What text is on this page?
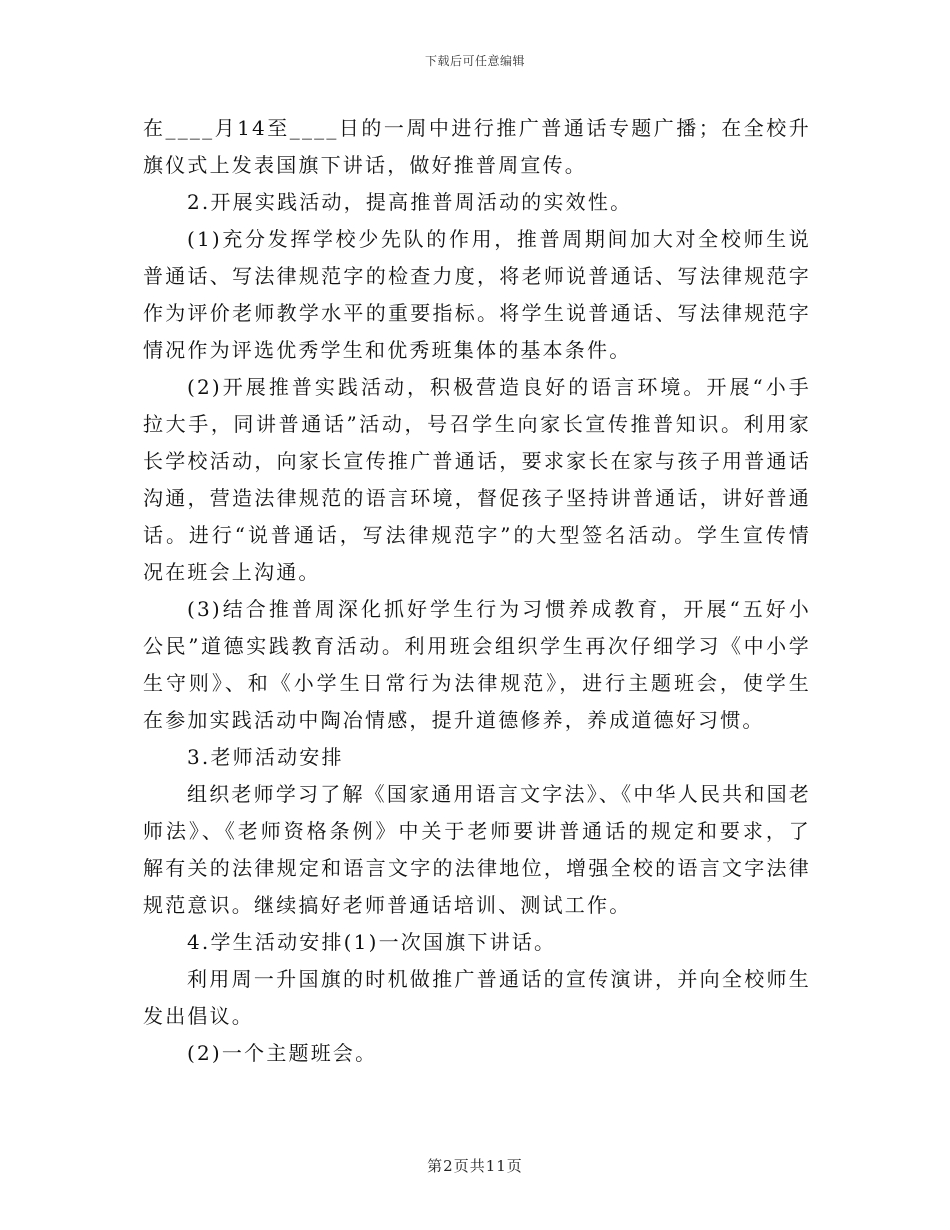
下载后可任意编辑

在____月14至____日的一周中进行推广普通话专题广播；在全校升旗仪式上发表国旗下讲话，做好推普周宣传。

2.开展实践活动，提高推普周活动的实效性。

(1)充分发挥学校少先队的作用，推普周期间加大对全校师生说普通话、写法律规范字的检查力度，将老师说普通话、写法律规范字作为评价老师教学水平的重要指标。将学生说普通话、写法律规范字情况作为评选优秀学生和优秀班集体的基本条件。

(2)开展推普实践活动，积极营造良好的语言环境。开展“小手拉大手，同讲普通话”活动，号召学生向家长宣传推普知识。利用家长学校活动，向家长宣传推广普通话，要求家长在家与孩子用普通话沟通，营造法律规范的语言环境，督促孩子坚持讲普通话，讲好普通话。进行“说普通话，写法律规范字”的大型签名活动。学生宣传情况在班会上沟通。

(3)结合推普周深化抓好学生行为习惯养成教育，开展“五好小公民”道德实践教育活动。利用班会组织学生再次仔细学习《中小学生守则》、和《小学生日常行为法律规范》，进行主题班会，使学生在参加实践活动中陶冶情感，提升道德修养，养成道德好习惯。

3.老师活动安排

组织老师学习了解《国家通用语言文字法》、《中华人民共和国老师法》、《老师资格条例》中关于老师要讲普通话的规定和要求，了解有关的法律规定和语言文字的法律地位，增强全校的语言文字法律规范意识。继续搞好老师普通话培训、测试工作。

4.学生活动安排(1)一次国旗下讲话。

利用周一升国旗的时机做推广普通话的宣传演讲，并向全校师生发出倡议。

(2)一个主题班会。

第2页共11页
